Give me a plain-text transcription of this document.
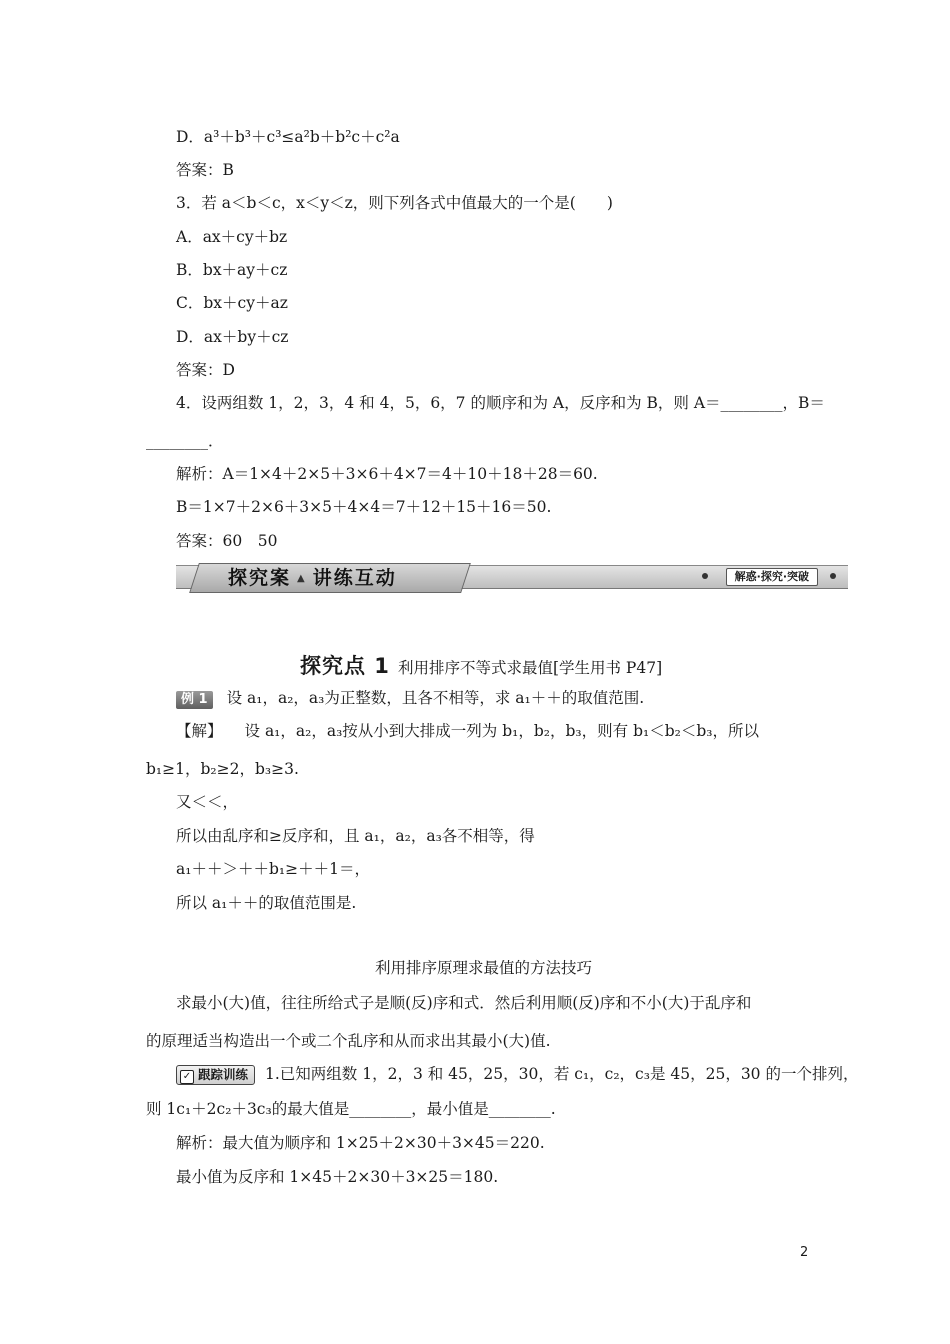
D．a³＋b³＋c³≤a²b＋b²c＋c²a
答案：B
3．若 a＜b＜c，x＜y＜z，则下列各式中值最大的一个是(　　)
A．ax＋cy＋bz
B．bx＋ay＋cz
C．bx＋cy＋az
D．ax＋by＋cz
答案：D
4．设两组数 1，2，3，4 和 4，5，6，7 的顺序和为 A，反序和为 B，则 A＝________，B＝
________．
解析：A＝1×4＋2×5＋3×6＋4×7＝4＋10＋18＋28＝60.
B＝1×7＋2×6＋3×5＋4×4＝7＋12＋15＋16＝50.
答案：60　50
探究案 ▲ 讲练互动	解惑·探究·突破
探究点 1 利用排序不等式求最值[学生用书 P47]
例 1 设 a₁，a₂，a₃为正整数，且各不相等，求 a₁＋＋的取值范围.
【解】 设 a₁，a₂，a₃按从小到大排成一列为 b₁，b₂，b₃，则有 b₁＜b₂＜b₃，所以
b₁≥1，b₂≥2，b₃≥3.
又＜＜，
所以由乱序和≥反序和，且 a₁，a₂，a₃各不相等，得
a₁＋＋＞＋＋b₁≥＋＋1＝，
所以 a₁＋＋的取值范围是.
利用排序原理求最值的方法技巧
求最小(大)值，往往所给式子是顺(反)序和式．然后利用顺(反)序和不小(大)于乱序和
的原理适当构造出一个或二个乱序和从而求出其最小(大)值.
✓ 跟踪训练 1.已知两组数 1，2，3 和 45，25，30，若 c₁，c₂，c₃是 45，25，30 的一个排列，
则 1c₁＋2c₂＋3c₃的最大值是________，最小值是________.
解析：最大值为顺序和 1×25＋2×30＋3×45＝220.
最小值为反序和 1×45＋2×30＋3×25＝180.
2
